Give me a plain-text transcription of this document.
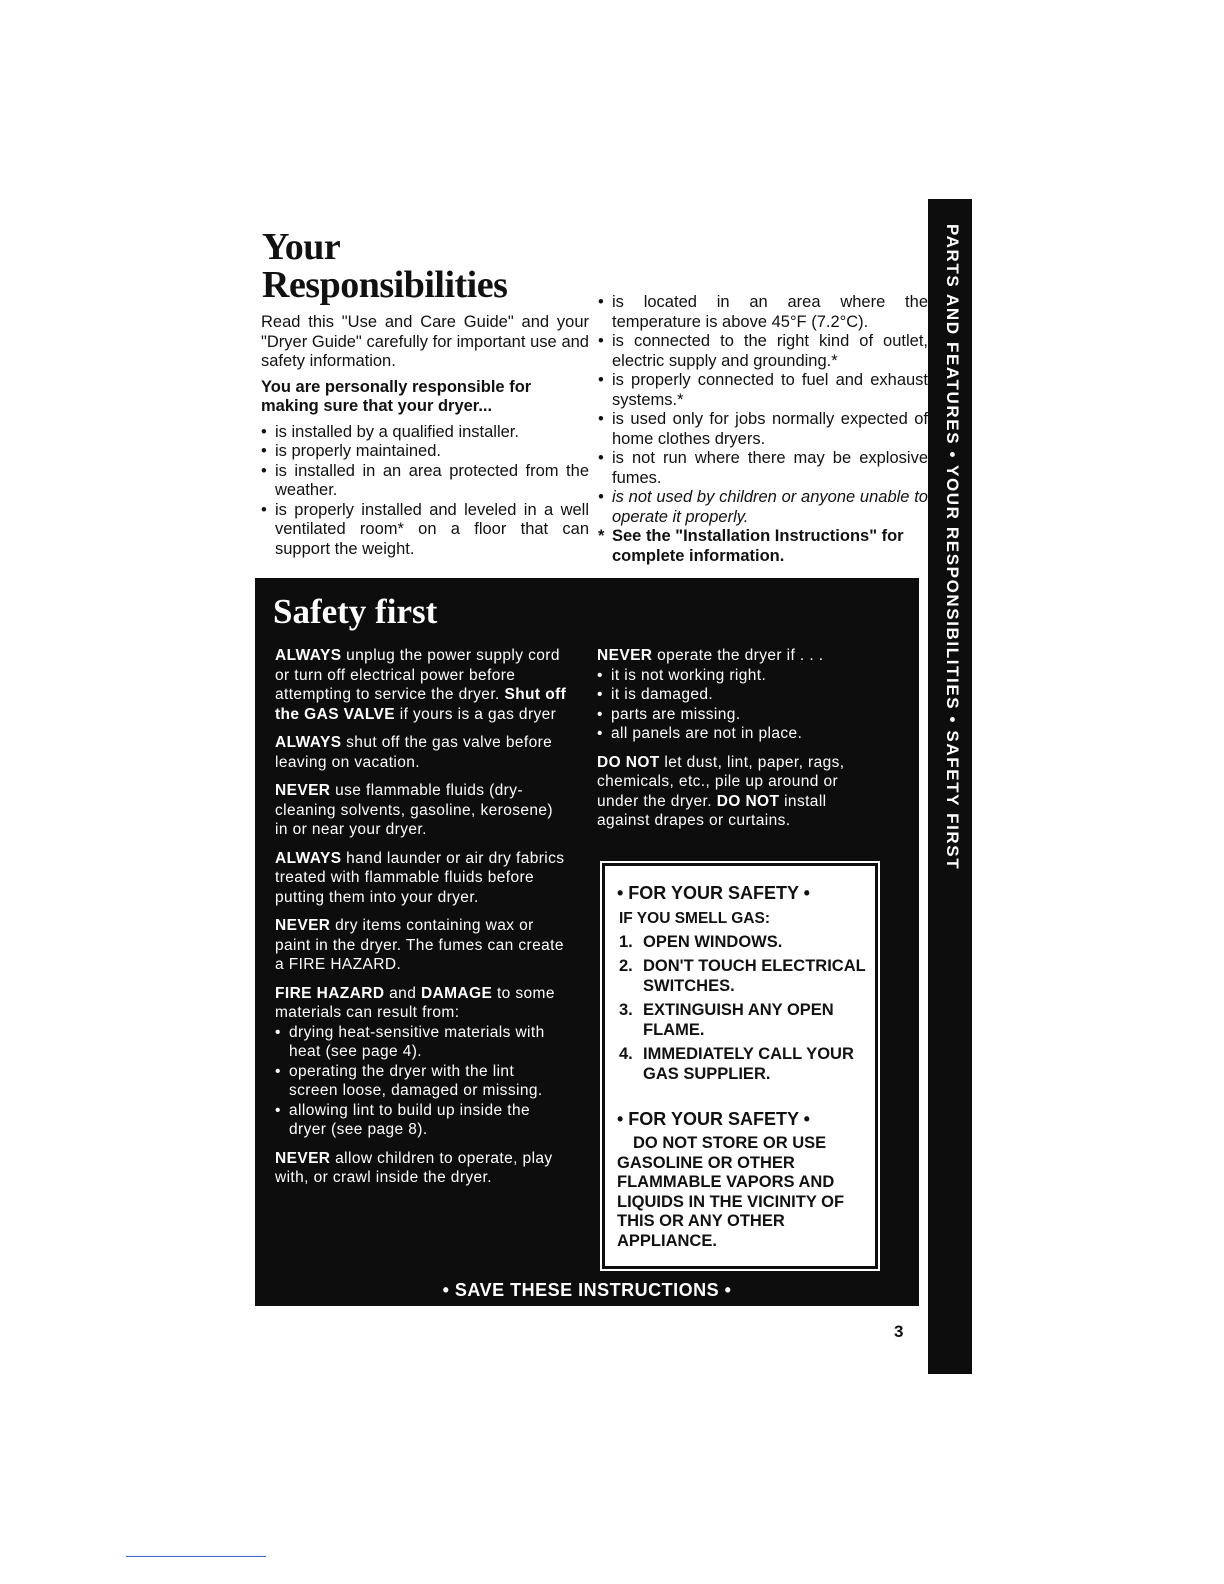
Your
Responsibilities

Read this "Use and Care Guide" and your "Dryer Guide" carefully for important use and safety information.

You are personally responsible for making sure that your dryer...

• is installed by a qualified installer.
• is properly maintained.
• is installed in an area protected from the weather.
• is properly installed and leveled in a well ventilated room* on a floor that can support the weight.
• is located in an area where the temperature is above 45°F (7.2°C).
• is connected to the right kind of outlet, electric supply and grounding.*
• is properly connected to fuel and exhaust systems.*
• is used only for jobs normally expected of home clothes dryers.
• is not run where there may be explosive fumes.
• is not used by children or anyone unable to operate it properly.
* See the "Installation Instructions" for complete information.
Safety first

ALWAYS unplug the power supply cord or turn off electrical power before attempting to service the dryer. Shut off the GAS VALVE if yours is a gas dryer

ALWAYS shut off the gas valve before leaving on vacation.

NEVER use flammable fluids (dry-cleaning solvents, gasoline, kerosene) in or near your dryer.

ALWAYS hand launder or air dry fabrics treated with flammable fluids before putting them into your dryer.

NEVER dry items containing wax or paint in the dryer. The fumes can create a FIRE HAZARD.

FIRE HAZARD and DAMAGE to some materials can result from:

• drying heat-sensitive materials with heat (see page 4).
• operating the dryer with the lint screen loose, damaged or missing.
• allowing lint to build up inside the dryer (see page 8).

NEVER allow children to operate, play with, or crawl inside the dryer.

NEVER operate the dryer if . . .

• it is not working right.
• it is damaged.
• parts are missing.
• all panels are not in place.

DO NOT let dust, lint, paper, rags, chemicals, etc., pile up around or under the dryer. DO NOT install against drapes or curtains.

• FOR YOUR SAFETY •

IF YOU SMELL GAS:
1. OPEN WINDOWS.
2. DON'T TOUCH ELECTRICAL SWITCHES.
3. EXTINGUISH ANY OPEN FLAME.
4. IMMEDIATELY CALL YOUR GAS SUPPLIER.

• FOR YOUR SAFETY •

DO NOT STORE OR USE GASOLINE OR OTHER FLAMMABLE VAPORS AND LIQUIDS IN THE VICINITY OF THIS OR ANY OTHER APPLIANCE.
• SAVE THESE INSTRUCTIONS •
PARTS AND FEATURES • YOUR RESPONSIBILITIES • SAFETY FIRST
3
